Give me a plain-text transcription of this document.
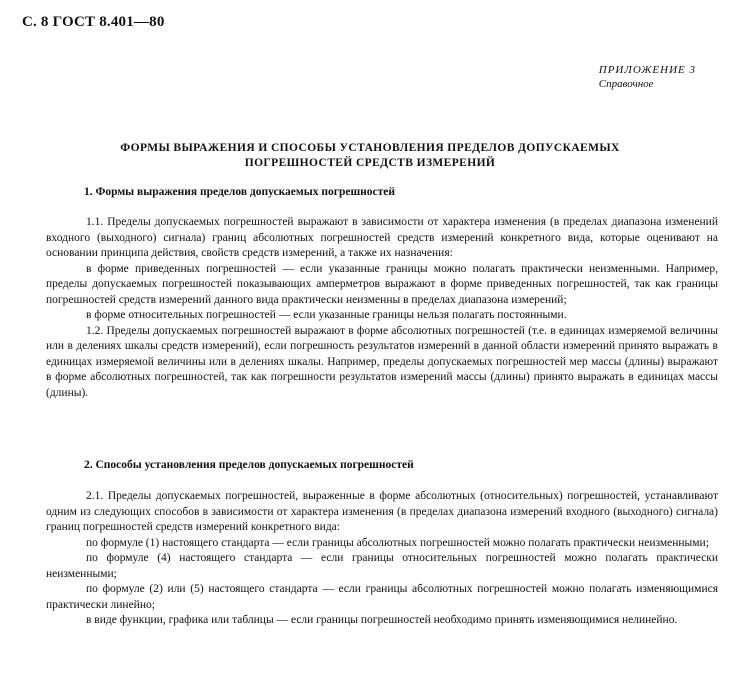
С. 8 ГОСТ 8.401—80
ПРИЛОЖЕНИЕ 3
Справочное
ФОРМЫ ВЫРАЖЕНИЯ И СПОСОБЫ УСТАНОВЛЕНИЯ ПРЕДЕЛОВ ДОПУСКАЕМЫХ
ПОГРЕШНОСТЕЙ СРЕДСТВ ИЗМЕРЕНИЙ
1. Формы выражения пределов допускаемых погрешностей

1.1. Пределы допускаемых погрешностей выражают в зависимости от характера изменения (в пределах диапазона изменений входного (выходного) сигнала) границ абсолютных погрешностей средств измерений конкретного вида, которые оценивают на основании принципа действия, свойств средств измерений, а также их назначения:

в форме приведенных погрешностей — если указанные границы можно полагать практически неизменными. Например, пределы допускаемых погрешностей показывающих амперметров выражают в форме приведенных погрешностей, так как границы погрешностей средств измерений данного вида практически неизменны в пределах диапазона измерений;

в форме относительных погрешностей — если указанные границы нельзя полагать постоянными.

1.2. Пределы допускаемых погрешностей выражают в форме абсолютных погрешностей (т.е. в единицах измеряемой величины или в делениях шкалы средств измерений), если погрешность результатов измерений в данной области измерений принято выражать в единицах измеряемой величины или в делениях шкалы. Например, пределы допускаемых погрешностей мер массы (длины) выражают в форме абсолютных погрешностей, так как погрешности результатов измерений массы (длины) принято выражать в единицах массы (длины).

2. Способы установления пределов допускаемых погрешностей

2.1. Пределы допускаемых погрешностей, выраженные в форме абсолютных (относительных) погрешностей, устанавливают одним из следующих способов в зависимости от характера изменения (в пределах диапазона измерений входного (выходного) сигнала) границ погрешностей средств измерений конкретного вида:

по формуле (1) настоящего стандарта — если границы абсолютных погрешностей можно полагать практически неизменными;

по формуле (4) настоящего стандарта — если границы относительных погрешностей можно полагать практически неизменными;

по формуле (2) или (5) настоящего стандарта — если границы абсолютных погрешностей можно полагать изменяющимися практически линейно;

в виде функции, графика или таблицы — если границы погрешностей необходимо принять изменяющимися нелинейно.
